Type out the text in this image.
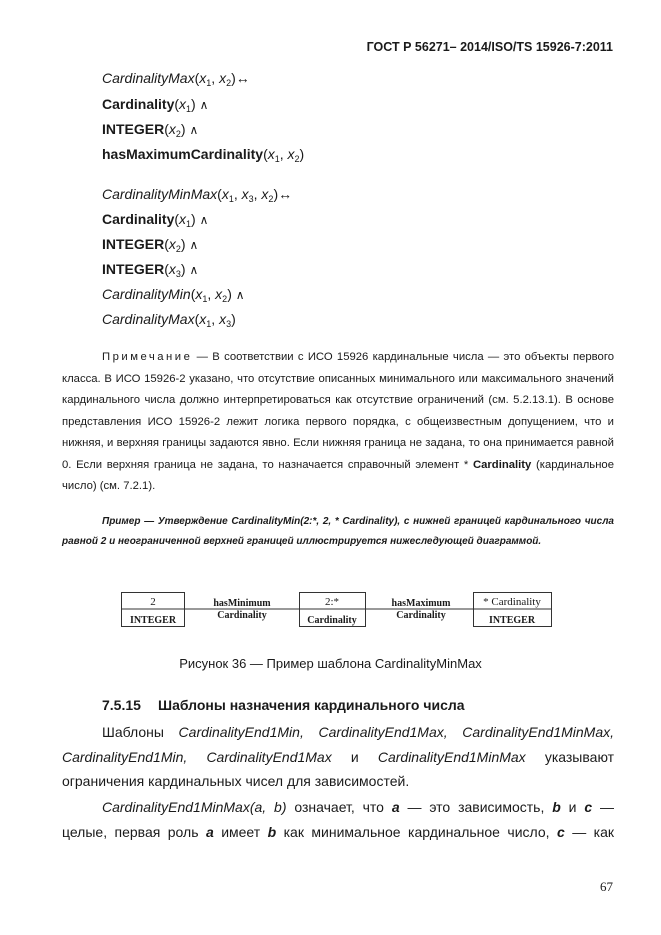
ГОСТ Р 56271– 2014/ISO/TS 15926-7:2011
$CardinalityMax(x_1$, $x_2)\leftrightarrow$
$Cardinality(x_1)$ ∧
$INTEGER(x_2)$ ∧
$hasMaximumCardinality(x_1$, $x_2$)
$CardinalityMinMax(x_1$, $x_3$, $x_2)\leftrightarrow$
$Cardinality(x_1)$ ∧
$INTEGER(x_2)$ ∧
$INTEGER(x_3)$ ∧
$CardinalityMin(x_1$, $x_2$) ∧
$CardinalityMax(x_1$, $x_3$)
Примечание — В соответствии с ИСО 15926 кардинальные числа — это объекты первого класса. В ИСО 15926-2 указано, что отсутствие описанных минимального или максимального значений кардинального числа должно интерпретироваться как отсутствие ограничений (см. 5.2.13.1). В основе представления ИСО 15926-2 лежит логика первого порядка, с общеизвестным допущением, что и нижняя, и верхняя границы задаются явно. Если нижняя граница не задана, то она принимается равной 0. Если верхняя граница не задана, то назначается справочный элемент * Cardinality (кардинальное число) (см. 7.2.1).
Пример — Утверждение CardinalityMin(2:*, 2, * Cardinality), с нижней границей кардинального числа равной 2 и неограниченной верхней границей иллюстрируется нижеследующей диаграммой.
2
INTEGER
hasMinimum
Cardinality
2:*
Cardinality
hasMaximum
Cardinality
* Cardinality
INTEGER
Рисунок 36 — Пример шаблона CardinalityMinMax
7.5.15 Шаблоны назначения кардинального числа

Шаблоны CardinalityEnd1Min, CardinalityEnd1Max, CardinalityEnd1MinMax,

CardinalityEnd1Min, CardinalityEnd1Max и CardinalityEnd1MinMax указывают

ограничения кардинальных чисел для зависимостей.

CardinalityEnd1MinMax(a, b) означает, что a — это зависимость, b и c —

целые, первая роль a имеет b как минимальное кардинальное число, c — как

67
